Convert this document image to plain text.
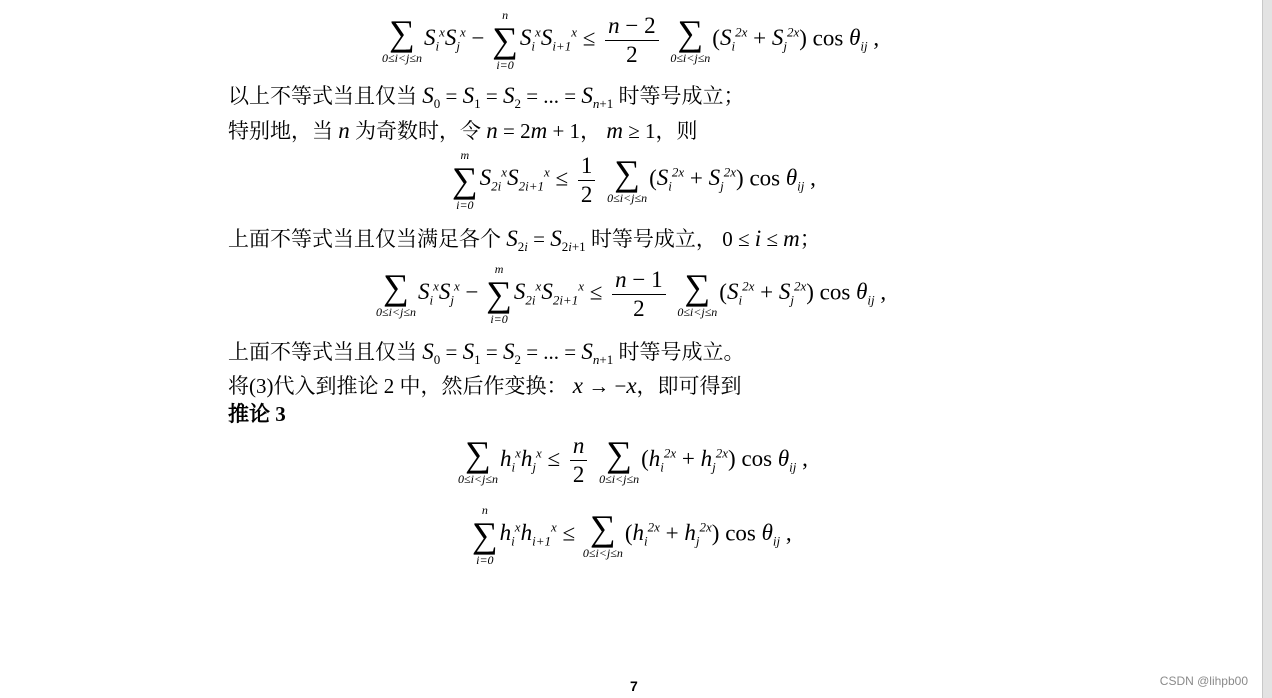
∑
0≤i<j≤n
$S_i^xS_j^x$ −
n
∑
i=0
$S_i^xS_{i+1}^x \le \frac{n - 2}{2}$
∑
0≤i<j≤n
$(S_i^{2x} + S_j^{2x})$ $\cos \theta_{ij}$ ,
以上不等式当且仅当 $S_0 = S_1 = S_2$ = ... = $S_{n+1}$ 时等号成立；
特别地，当 n 为奇数时，令 n = 2m + 1， m ≥ 1，则
m
∑
i=0
$S_{2i}^xS_{2i+1}^x \le \frac{1}{2}$
∑
0≤i<j≤n
$(S_i^{2x} + S_j^{2x})$ $\cos \theta_{ij}$ ,
上面不等式当且仅当满足各个 $S_{2i} = S_{2i+1}$ 时等号成立， 0 ≤ i ≤ m；
∑
0≤i<j≤n
$S_i^xS_j^x$ −
m
∑
i=0
$S_{2i}^xS_{2i+1}^x \le \frac{n - 1}{2}$
∑
0≤i<j≤n
$(S_i^{2x} + S_j^{2x})$ $\cos \theta_{ij}$ ,
上面不等式当且仅当 $S_0 = S_1 = S_2$ = ... = $S_{n+1}$ 时等号成立。
将(3)代入到推论 2 中，然后作变换： x → −x，即可得到
推论 3
∑
0≤i<j≤n
$h_i^xh_j^x \le \frac{n}{2}$
∑
0≤i<j≤n
$(h_i^{2x} + h_j^{2x})$ $\cos \theta_{ij}$ ,
n
∑
i=0
$h_i^xh_{i+1}^x$ ≤ ∑
0≤i<j≤n
$(h_i^{2x} + h_j^{2x})$ $\cos \theta_{ij}$ ,
7	CSDN @lihpb00
